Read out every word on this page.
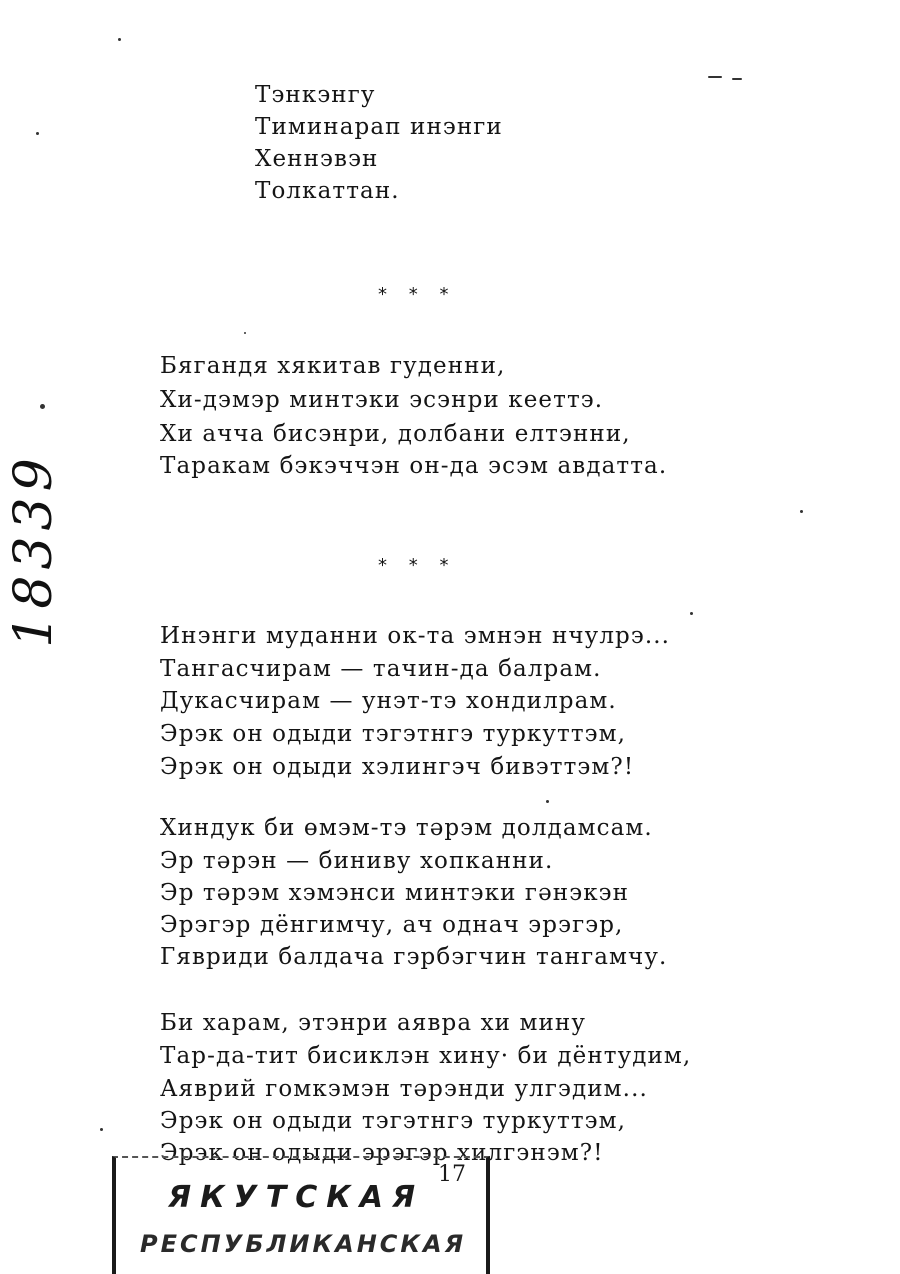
Тэнкэнгу
Тиминарап инэнги
Хеннэвэн
Толкаттан.
* * *
Бягандя хякитав гуденни,
Хи-дэмэр минтэки эсэнри кееттэ.
Хи ачча бисэнри, долбани елтэнни,
Таракам бэкэччэн он-да эсэм авдатта.
* * *
Инэнги муданни ок-та эмнэн нчулрэ...
Тангасчирам — тачин-да балрам.
Дукасчирам — унэт-тэ хондилрам.
Эрэк он одыди тэгэтнгэ туркуттэм,
Эрэк он одыди хэлингэч бивэттэм?!
Хиндук би өмэм-тэ тәрэм долдамсам.
Эр тәрэн — биниву хопканни.
Эр тәрэм хэмэнси минтэки гәнэкэн
Эрэгэр дёнгимчу, ач однач эрэгэр,
Гявриди балдача гэрбэгчин тангамчу.
Би харам, этэнри аявра хи мину
Тар-да-тит бисиклэн хину· би дёнтудим,
Аяврий гомкэмэн тәрэнди улгэдим...
Эрэк он одыди тэгэтнгэ туркуттэм,
Эрэк он одыди эрэгэр хилгэнэм?!
18339
ЯКУТСКАЯ
РЕСПУБЛИКАНСКАЯ
17
